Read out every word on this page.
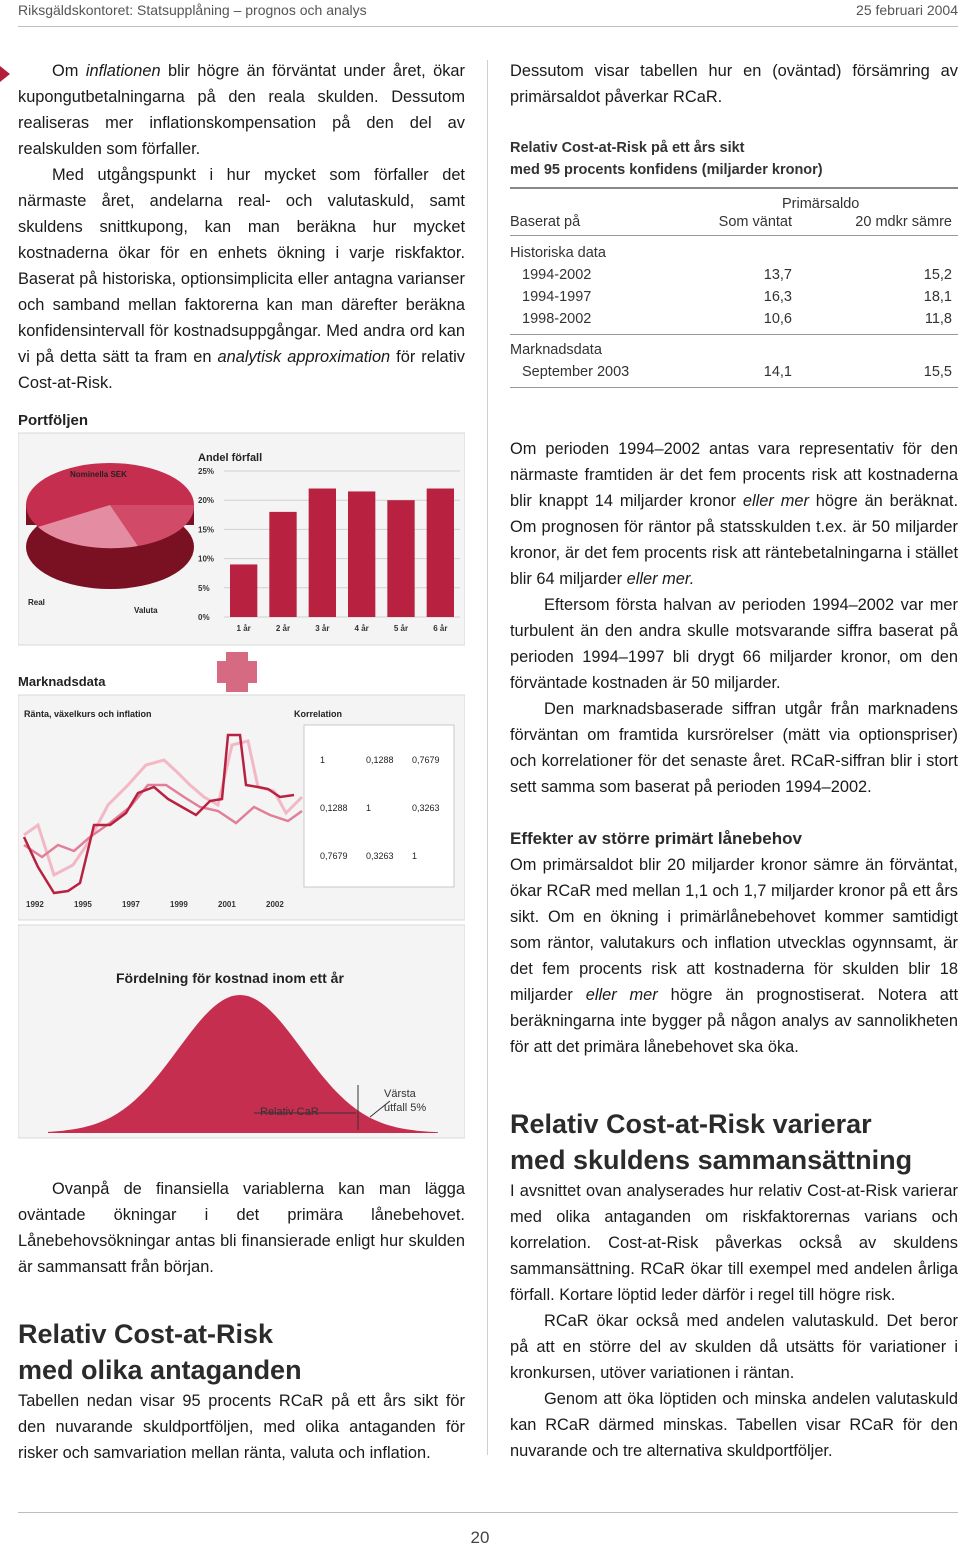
Riksgäldskontoret: Statsupplåning – prognos och analys	25 februari 2004

Om inflationen blir högre än förväntat under året, ökar kupongutbetalningarna på den reala skulden. Dessutom realiseras mer inflationskompensation på den del av realskulden som förfaller.

Med utgångspunkt i hur mycket som förfaller det närmaste året, andelarna real- och valutaskuld, samt skuldens snittkupong, kan man beräkna hur mycket kostnaderna ökar för en enhets ökning i varje riskfaktor. Baserat på historiska, optionsimplicita eller antagna varianser och samband mellan faktorerna kan man därefter beräkna konfidensintervall för kostnadsuppgångar. Med andra ord kan vi på detta sätt ta fram en analytisk approximation för relativ Cost-at-Risk.

Dessutom visar tabellen hur en (oväntad) försämring av primärsaldot påverkar RCaR.

Relativ Cost-at-Risk på ett års sikt
med 95 procents konfidens (miljarder kronor)
Primärsaldo
Baserat på	Som väntat	20 mdkr sämre
Historiska data
1994-2002	13,7	15,2
1994-1997	16,3	18,1
1998-2002	10,6	11,8
Marknadsdata
September 2003	14,1	15,5
Portföljen
Nominella SEK
Real
Valuta
Andel förfall
25%
20%
15%
10%
5%
0%
1 år	2 år	3 år	4 år	5 år	6 år
Marknadsdata
Ränta, växelkurs och inflation	Korrelation
1992	1995	1997	1999	2001	2002
1	0,1288 0,7679
0,1288 1	0,3263
0,7679 0,3263 1
Fördelning för kostnad inom ett år
Relativ CaR
Värsta
utfall 5%

Ovanpå de finansiella variablerna kan man lägga oväntade ökningar i det primära lånebehovet. Lånebehovsökningar antas bli finansierade enligt hur skulden är sammansatt från början.

Relativ Cost-at-Risk
med olika antaganden

Tabellen nedan visar 95 procents RCaR på ett års sikt för den nuvarande skuldportföljen, med olika antaganden för risker och samvariation mellan ränta, valuta och inflation.

Om perioden 1994–2002 antas vara representativ för den närmaste framtiden är det fem procents risk att kostnaderna blir knappt 14 miljarder kronor eller mer högre än beräknat. Om prognosen för räntor på statsskulden t.ex. är 50 miljarder kronor, är det fem procents risk att räntebetalningarna i stället blir 64 miljarder eller mer.

Eftersom första halvan av perioden 1994–2002 var mer turbulent än den andra skulle motsvarande siffra baserat på perioden 1994–1997 bli drygt 66 miljarder kronor, om den förväntade kostnaden är 50 miljarder.

Den marknadsbaserade siffran utgår från marknadens förväntan om framtida kursrörelser (mätt via optionspriser) och korrelationer för det senaste året. RCaR-siffran blir i stort sett samma som baserat på perioden 1994–2002.

Effekter av större primärt lånebehov

Om primärsaldot blir 20 miljarder kronor sämre än förväntat, ökar RCaR med mellan 1,1 och 1,7 miljarder kronor på ett års sikt. Om en ökning i primärlånebehovet kommer samtidigt som räntor, valutakurs och inflation utvecklas ogynnsamt, är det fem procents risk att kostnaderna för skulden blir 18 miljarder eller mer högre än prognostiserat. Notera att beräkningarna inte bygger på någon analys av sannolikheten för att det primära lånebehovet ska öka.

Relativ Cost-at-Risk varierar
med skuldens sammansättning

I avsnittet ovan analyserades hur relativ Cost-at-Risk varierar med olika antaganden om riskfaktorernas varians och korrelation. Cost-at-Risk påverkas också av skuldens sammansättning. RCaR ökar till exempel med andelen årliga förfall. Kortare löptid leder därför i regel till högre risk.

RCaR ökar också med andelen valutaskuld. Det beror på att en större del av skulden då utsätts för variationer i kronkursen, utöver variationen i räntan.

Genom att öka löptiden och minska andelen valutaskuld kan RCaR därmed minskas. Tabellen visar RCaR för den nuvarande och tre alternativa skuldportföljer.

20
